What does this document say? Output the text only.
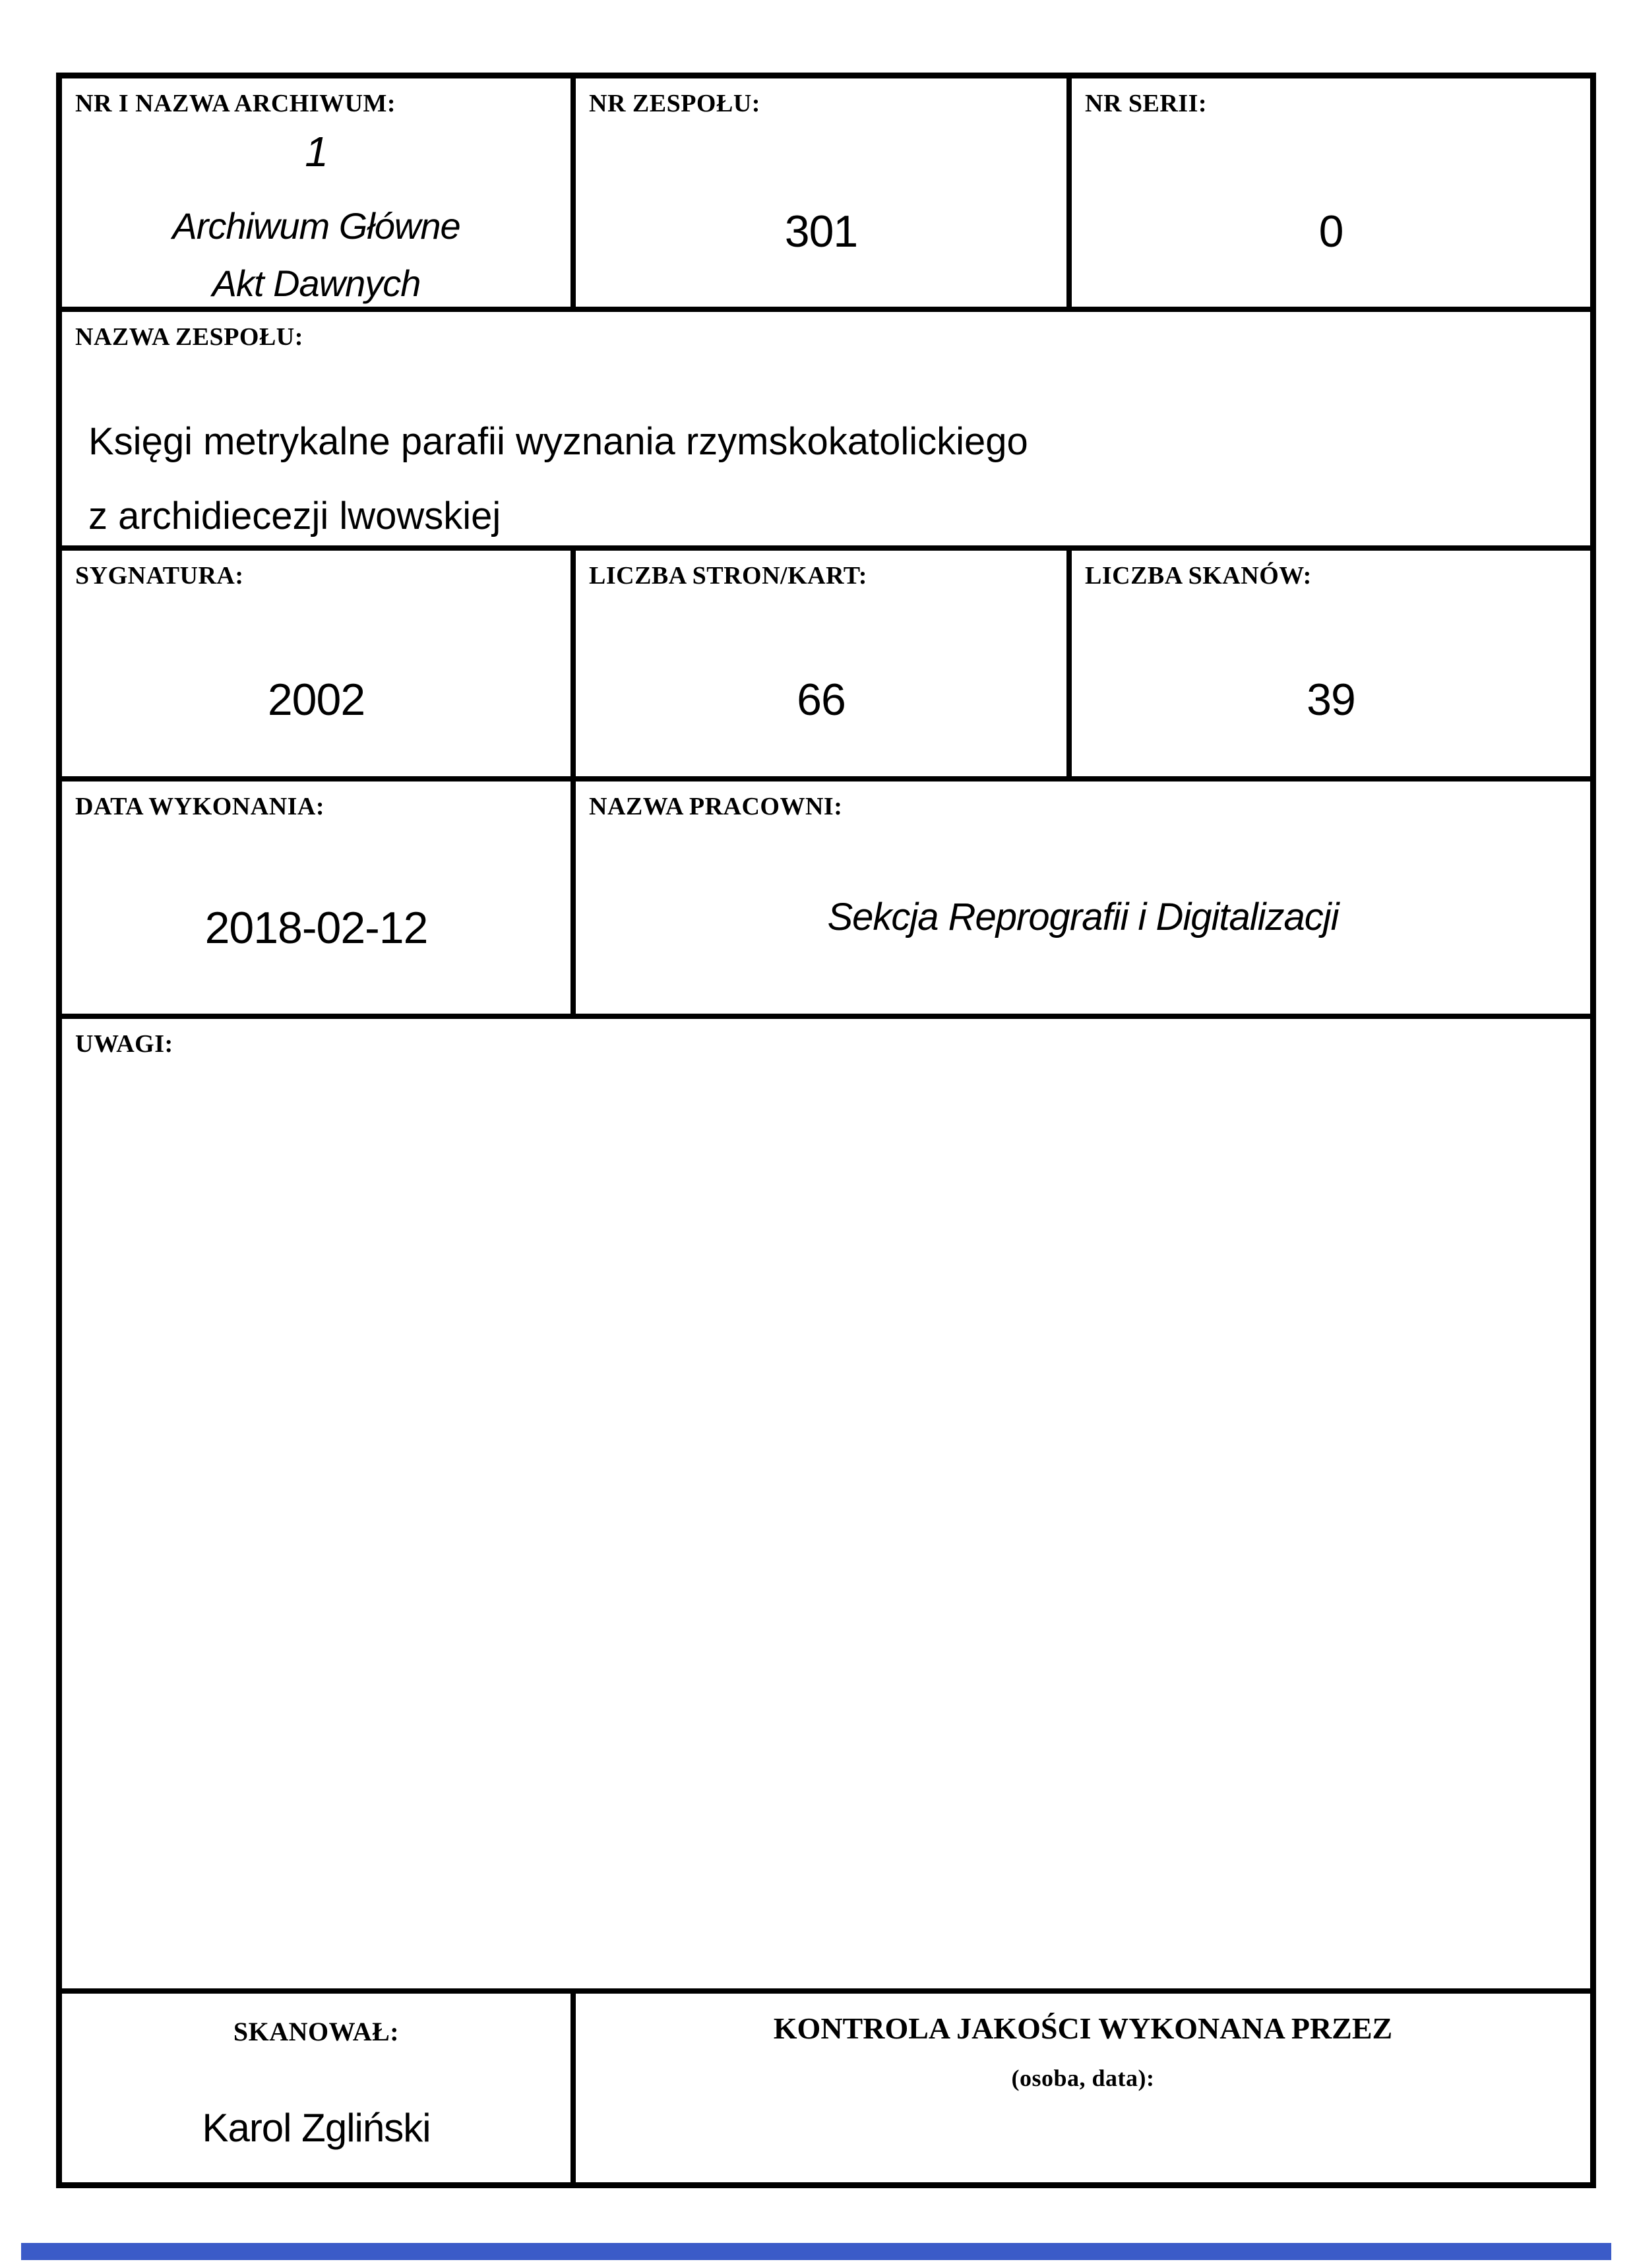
NR I NAZWA ARCHIWUM:
1
Archiwum Główne
Akt Dawnych
NR ZESPOŁU:
301
NR SERII:
0
NAZWA ZESPOŁU:
Księgi metrykalne parafii wyznania rzymskokatolickiego
z archidiecezji lwowskiej
SYGNATURA:
2002
LICZBA STRON/KART:
66
LICZBA SKANÓW:
39
DATA WYKONANIA:
2018-02-12
NAZWA PRACOWNI:
Sekcja Reprografii i Digitalizacji
UWAGI:
SKANOWAŁ:
Karol Zgliński
KONTROLA JAKOŚCI WYKONANA PRZEZ
(osoba, data):
